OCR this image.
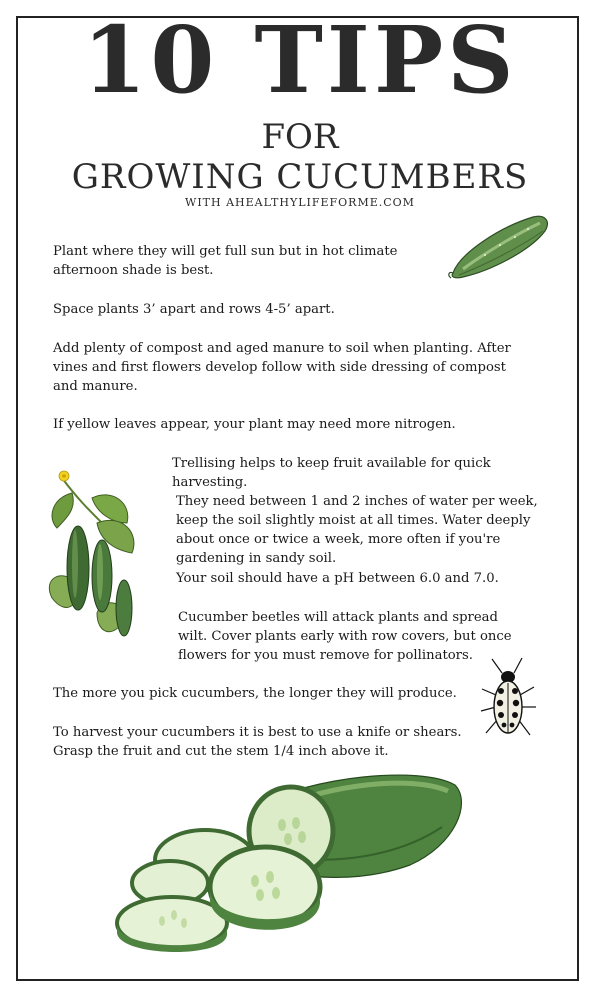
10 TIPS
FOR
GROWING CUCUMBERS
WITH AHEALTHYLIFEFORME.COM

Plant where they will get full sun but in hot climate afternoon shade is best.

Space plants 3’ apart and rows 4-5’ apart.

Add plenty of compost and aged manure to soil when planting. After vines and first flowers develop follow with side dressing of compost and manure.

If yellow leaves appear, your plant may need more nitrogen.

Trellising helps to keep fruit available for quick harvesting.

They need between 1 and 2 inches of water per week, keep the soil slightly moist at all times. Water deeply about once or twice a week, more often if you're gardening in sandy soil.

Your soil should have a pH between 6.0 and 7.0.

Cucumber beetles will attack plants and spread wilt. Cover plants early with row covers, but once flowers for you must remove for pollinators.

The more you pick cucumbers, the longer they will produce.

To harvest your cucumbers it is best to use a knife or shears. Grasp the fruit and cut the stem 1/4 inch above it.
